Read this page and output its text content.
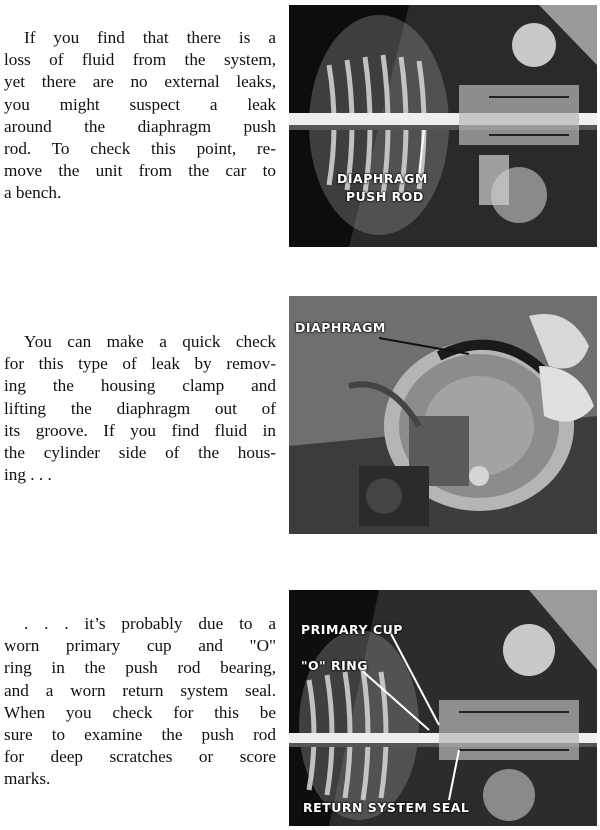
If you find that there is a
loss of fluid from the system,
yet there are no external leaks,
you might suspect a leak
around the diaphragm push
rod. To check this point, re-
move the unit from the car to
a bench.
DIAPHRAGM
PUSH ROD
You can make a quick check
for this type of leak by remov-
ing the housing clamp and
lifting the diaphragm out of
its groove. If you find fluid in
the cylinder side of the hous-
ing . . .
DIAPHRAGM
. . . it’s probably due to a
worn primary cup and "O"
ring in the push rod bearing,
and a worn return system seal.
When you check for this be
sure to examine the push rod
for deep scratches or score
marks.
PRIMARY CUP
"O" RING
RETURN SYSTEM SEAL
